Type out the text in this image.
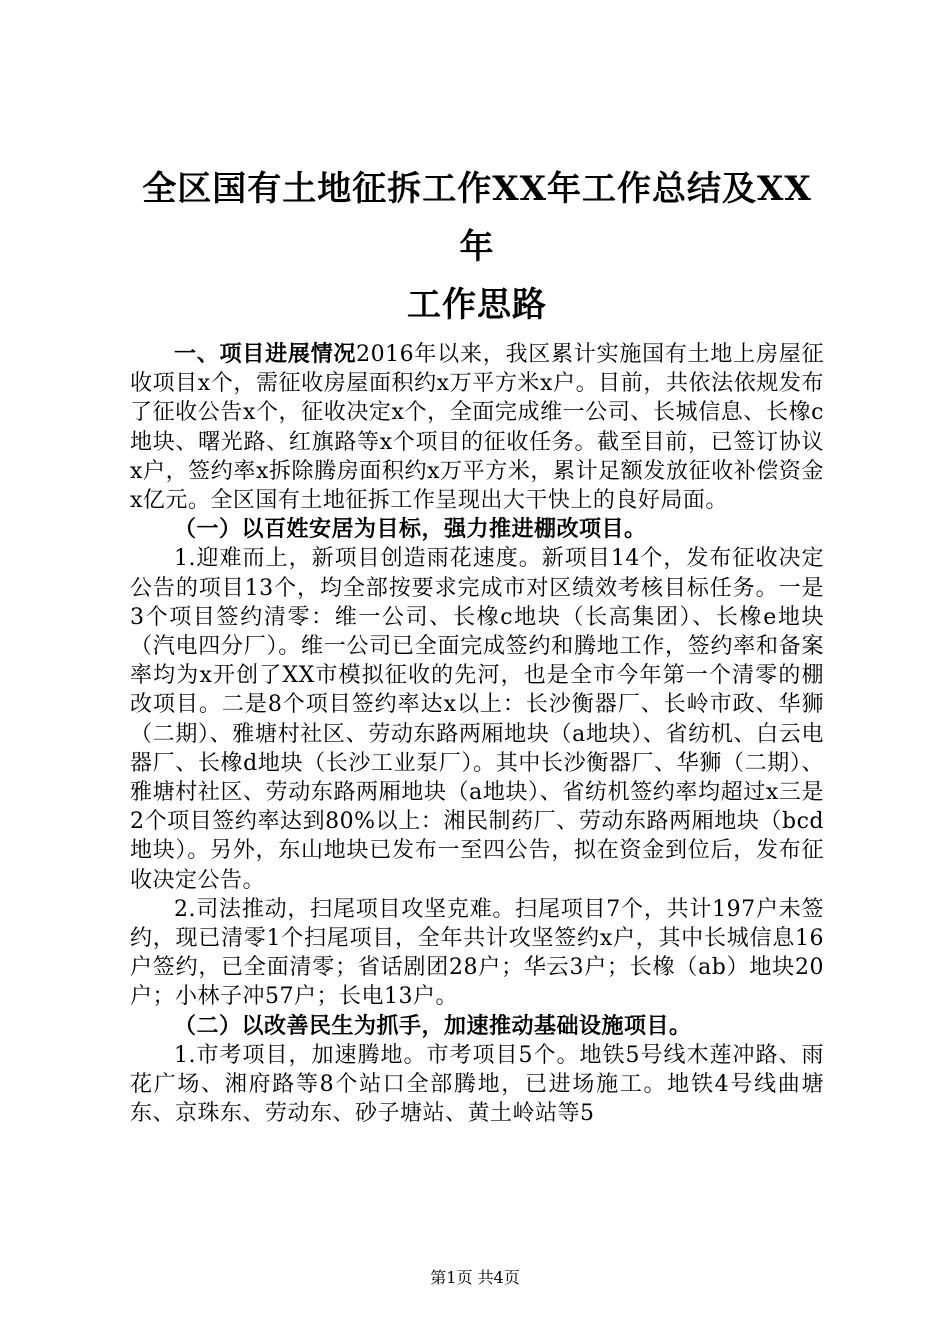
全区国有土地征拆工作XX年工作总结及XX年
工作思路

一、项目进展情况2016年以来，我区累计实施国有土地上房屋征收项目x个，需征收房屋面积约x万平方米x户。目前，共依法依规发布了征收公告x个，征收决定x个，全面完成维一公司、长城信息、长橡c地块、曙光路、红旗路等x个项目的征收任务。截至目前，已签订协议x户，签约率x拆除腾房面积约x万平方米，累计足额发放征收补偿资金x亿元。全区国有土地征拆工作呈现出大干快上的良好局面。

（一）以百姓安居为目标，强力推进棚改项目。

1.迎难而上，新项目创造雨花速度。新项目14个，发布征收决定公告的项目13个，均全部按要求完成市对区绩效考核目标任务。一是3个项目签约清零：维一公司、长橡c地块（长高集团）、长橡e地块（汽电四分厂）。维一公司已全面完成签约和腾地工作，签约率和备案率均为x开创了XX市模拟征收的先河，也是全市今年第一个清零的棚改项目。二是8个项目签约率达x以上：长沙衡器厂、长岭市政、华狮（二期）、雅塘村社区、劳动东路两厢地块（a地块）、省纺机、白云电器厂、长橡d地块（长沙工业泵厂）。其中长沙衡器厂、华狮（二期）、雅塘村社区、劳动东路两厢地块（a地块）、省纺机签约率均超过x三是2个项目签约率达到80%以上：湘民制药厂、劳动东路两厢地块（bcd地块）。另外，东山地块已发布一至四公告，拟在资金到位后，发布征收决定公告。

2.司法推动，扫尾项目攻坚克难。扫尾项目7个，共计197户未签约，现已清零1个扫尾项目，全年共计攻坚签约x户，其中长城信息16户签约，已全面清零；省话剧团28户；华云3户；长橡（ab）地块20户；小林子冲57户；长电13户。

（二）以改善民生为抓手，加速推动基础设施项目。

1.市考项目，加速腾地。市考项目5个。地铁5号线木莲冲路、雨花广场、湘府路等8个站口全部腾地，已进场施工。地铁4号线曲塘东、京珠东、劳动东、砂子塘站、黄土岭站等5

第1页 共4页
